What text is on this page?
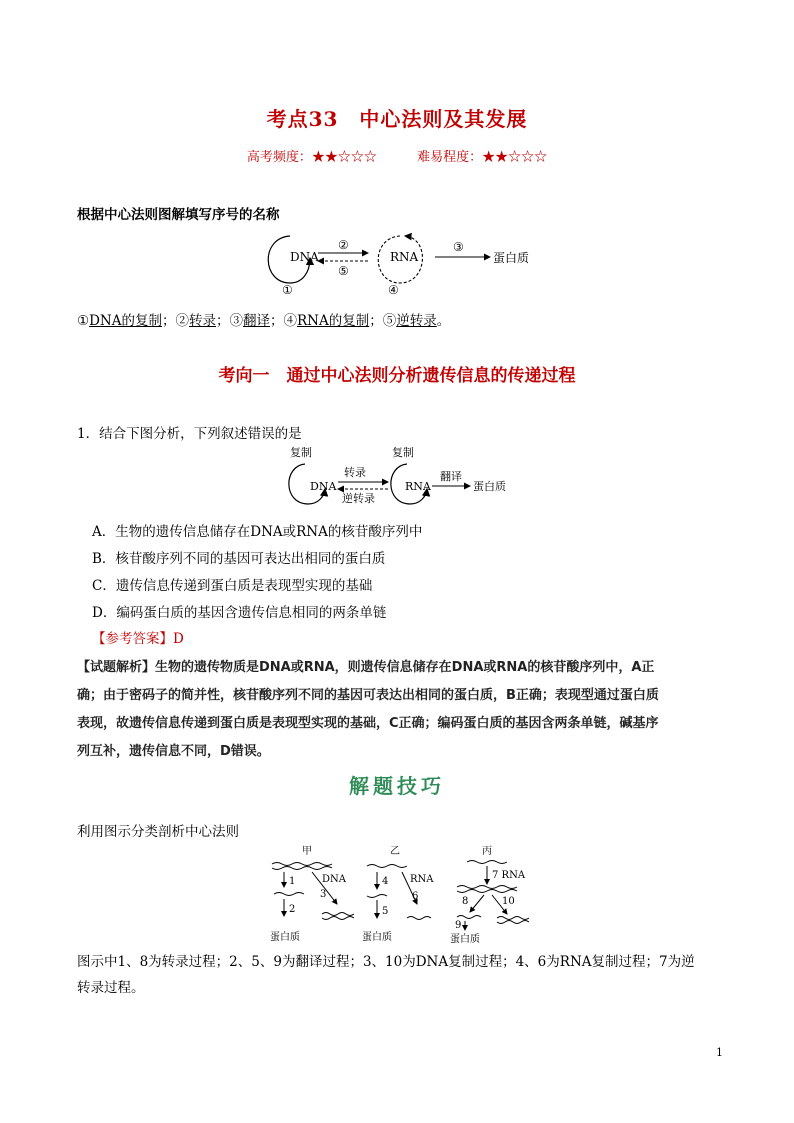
考点33　中心法则及其发展
高考频度：★★☆☆☆	难易程度：★★☆☆☆
根据中心法则图解填写序号的名称
DNA
②
⑤
RNA
③
蛋白质
①	④
①DNA的复制；②转录；③翻译；④RNA的复制；⑤逆转录。
考向一　通过中心法则分析遗传信息的传递过程
1．结合下图分析，下列叙述错误的是
复制
DNA
转录
逆转录
复制
RNA
翻译
蛋白质
A．生物的遗传信息储存在DNA或RNA的核苷酸序列中
B．核苷酸序列不同的基因可表达出相同的蛋白质
C．遗传信息传递到蛋白质是表现型实现的基础
D．编码蛋白质的基因含遗传信息相同的两条单链
【参考答案】D
【试题解析】生物的遗传物质是DNA或RNA，则遗传信息储存在DNA或RNA的核苷酸序列中，A正
确；由于密码子的简并性，核苷酸序列不同的基因可表达出相同的蛋白质，B正确；表现型通过蛋白质
表现，故遗传信息传递到蛋白质是表现型实现的基础，C正确；编码蛋白质的基因含两条单链，碱基序
列互补，遗传信息不同，D错误。
解题技巧
利用图示分类剖析中心法则
甲
1	DNA
3
2
蛋白质
乙
4 RNA
6
5
蛋白质
丙
7 RNA
8	10
9
蛋白质
图示中1、8为转录过程；2、5、9为翻译过程；3、10为DNA复制过程；4、6为RNA复制过程；7为逆
转录过程。
1
